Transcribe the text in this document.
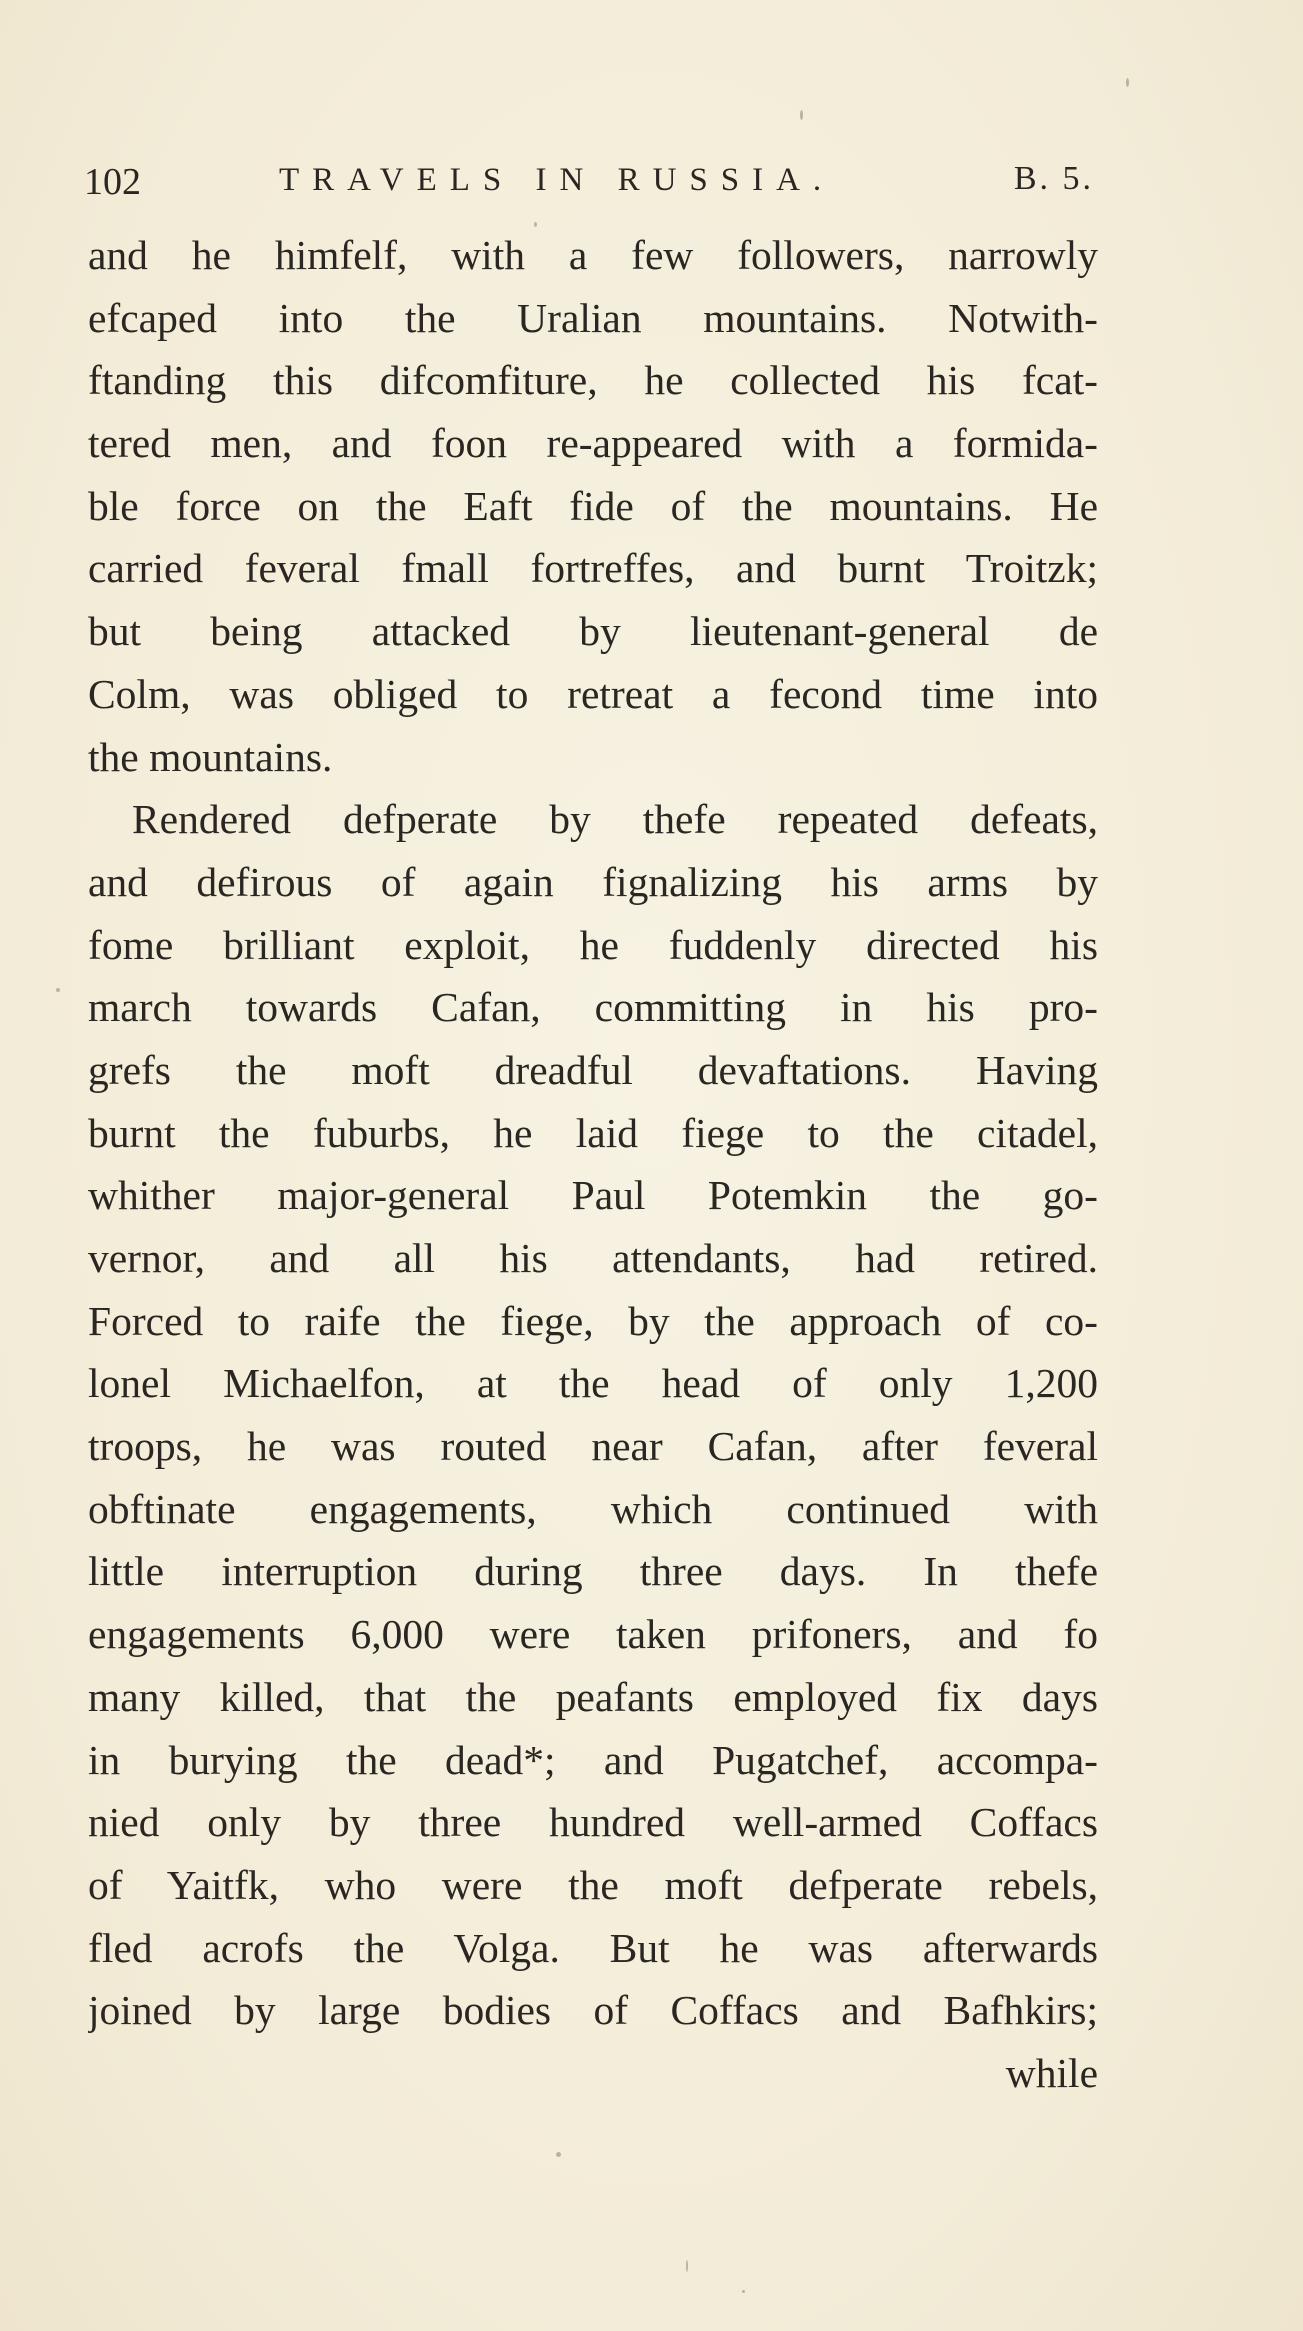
102	TRAVELS IN RUSSIA.	B. 5.
and he himfelf, with a few followers, narrowly
efcaped into the Uralian mountains. Notwith-
ftanding this difcomfiture, he collected his fcat-
tered men, and foon re-appeared with a formida-
ble force on the Eaft fide of the mountains. He
carried feveral fmall fortreffes, and burnt Troitzk;
but being attacked by lieutenant-general de
Colm, was obliged to retreat a fecond time into
the mountains.
Rendered defperate by thefe repeated defeats,
and defirous of again fignalizing his arms by
fome brilliant exploit, he fuddenly directed his
march towards Cafan, committing in his pro-
grefs the moft dreadful devaftations. Having
burnt the fuburbs, he laid fiege to the citadel,
whither major-general Paul Potemkin the go-
vernor, and all his attendants, had retired.
Forced to raife the fiege, by the approach of co-
lonel Michaelfon, at the head of only 1,200
troops, he was routed near Cafan, after feveral
obftinate engagements, which continued with
little interruption during three days. In thefe
engagements 6,000 were taken prifoners, and fo
many killed, that the peafants employed fix days
in burying the dead*; and Pugatchef, accompa-
nied only by three hundred well-armed Coffacs
of Yaitfk, who were the moft defperate rebels,
fled acrofs the Volga. But he was afterwards
joined by large bodies of Coffacs and Bafhkirs;
while
